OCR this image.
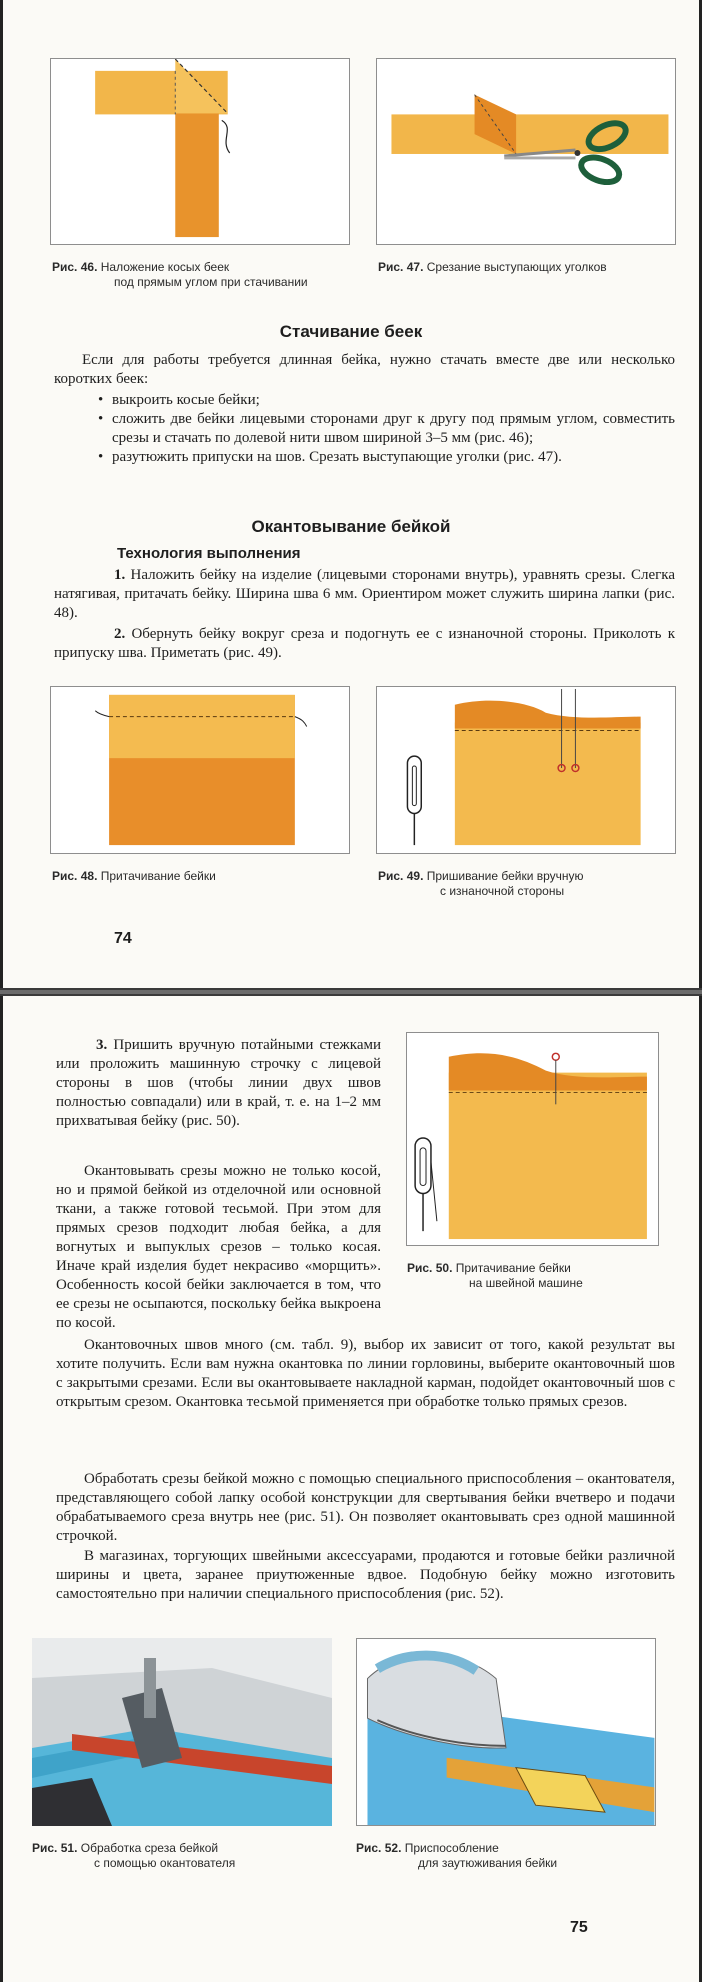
Рис. 46. Наложение косых беек
под прямым углом при стачивании
Рис. 47. Срезание выступающих уголков
Стачивание беек

Если для работы требуется длинная бейка, нужно стачать вместе две или несколько коротких беек:

• выкроить косые бейки;
• сложить две бейки лицевыми сторонами друг к другу под прямым углом, совместить срезы и стачать по долевой нити швом шириной 3–5 мм (рис. 46);
• разутюжить припуски на шов. Срезать выступающие уголки (рис. 47).
Окантовывание бейкой
Технология выполнения

1. Наложить бейку на изделие (лицевыми сторонами внутрь), уравнять срезы. Слегка натягивая, притачать бейку. Ширина шва 6 мм. Ориентиром может служить ширина лапки (рис. 48).

2. Обернуть бейку вокруг среза и подогнуть ее с изнаночной стороны. Приколоть к припуску шва. Приметать (рис. 49).

Рис. 48. Притачивание бейки	Рис. 49. Пришивание бейки вручную
с изнаночной стороны
74

3. Пришить вручную потайными стежками или проложить машинную строчку с лицевой стороны в шов (чтобы линии двух швов полностью совпадали) или в край, т. е. на 1–2 мм прихватывая бейку (рис. 50).

Окантовывать срезы можно не только косой, но и прямой бейкой из отделочной или основной ткани, а также готовой тесьмой. При этом для прямых срезов подходит любая бейка, а для вогнутых и выпуклых срезов – только косая. Иначе край изделия будет некрасиво «морщить». Особенность косой бейки заключается в том, что ее срезы не осыпаются, поскольку бейка выкроена по косой.

Рис. 50. Притачивание бейки
на швейной машине

Окантовочных швов много (см. табл. 9), выбор их зависит от того, какой результат вы хотите получить. Если вам нужна окантовка по линии горловины, выберите окантовочный шов с закрытыми срезами. Если вы окантовываете накладной карман, подойдет окантовочный шов с открытым срезом. Окантовка тесьмой применяется при обработке только прямых срезов.

Обработать срезы бейкой можно с помощью специального приспособления – окантователя, представляющего собой лапку особой конструкции для свертывания бейки вчетверо и подачи обрабатываемого среза внутрь нее (рис. 51). Он позволяет окантовывать срез одной машинной строчкой.

В магазинах, торгующих швейными аксессуарами, продаются и готовые бейки различной ширины и цвета, заранее приутюженные вдвое. Подобную бейку можно изготовить самостоятельно при наличии специального приспособления (рис. 52).

Рис. 51. Обработка среза бейкой
с помощью окантователя
Рис. 52. Приспособление
для заутюживания бейки
75
